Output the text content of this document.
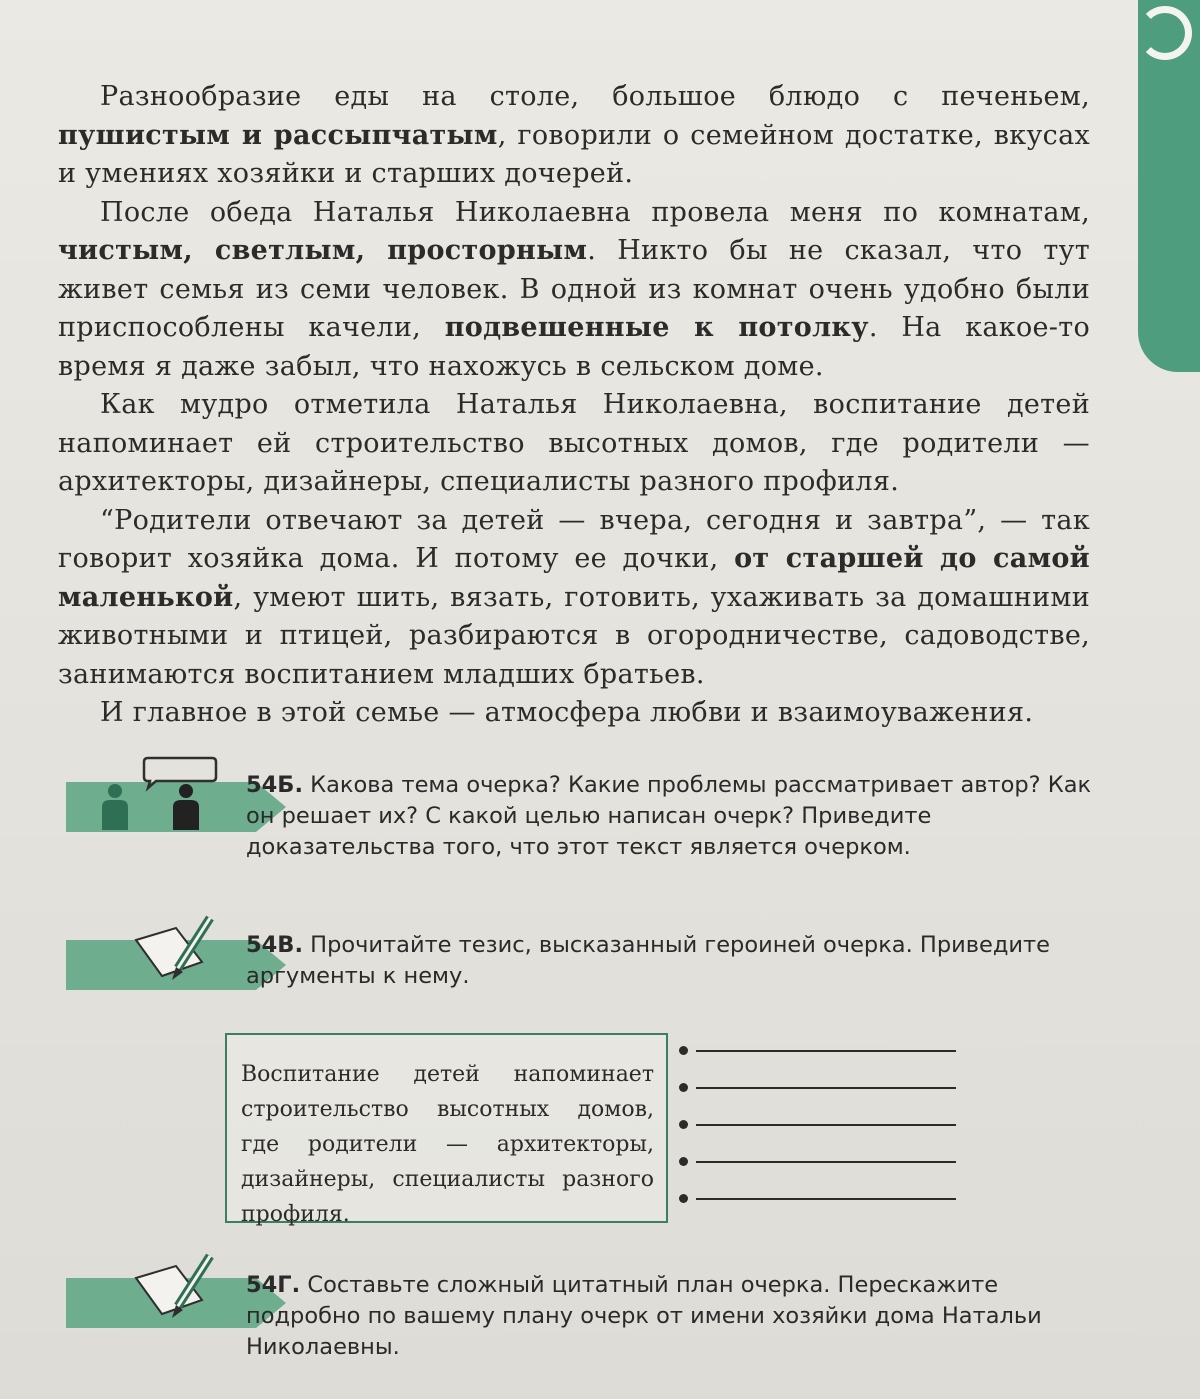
Разнообразие еды на столе, большое блюдо с печеньем, пушистым и рассыпчатым, говорили о семейном достатке, вкусах и умениях хозяйки и старших дочерей.

После обеда Наталья Николаевна провела меня по комнатам, чистым, светлым, просторным. Никто бы не сказал, что тут живет семья из семи человек. В одной из комнат очень удобно были приспособлены качели, подвешенные к потолку. На какое-то время я даже забыл, что нахожусь в сельском доме.

Как мудро отметила Наталья Николаевна, воспитание детей напоминает ей строительство высотных домов, где родители — архитекторы, дизайнеры, специалисты разного профиля.

“Родители отвечают за детей — вчера, сегодня и завтра”, — так говорит хозяйка дома. И потому ее дочки, от старшей до самой маленькой, умеют шить, вязать, готовить, ухаживать за домашними животными и птицей, разбираются в огородничестве, садоводстве, занимаются воспитанием младших братьев.

И главное в этой семье — атмосфера любви и взаимоуважения.

54Б. Какова тема очерка? Какие проблемы рассматривает автор? Как он решает их? С какой целью написан очерк? Приведите доказательства того, что этот текст является очерком.
54В. Прочитайте тезис, высказанный героиней очерка. Приведите аргументы к нему.
Воспитание детей напоминает строительство высотных домов, где родители — архитекторы, дизайнеры, специалисты разного профиля.
54Г. Составьте сложный цитатный план очерка. Перескажите подробно по вашему плану очерк от имени хозяйки дома Натальи Николаевны.
